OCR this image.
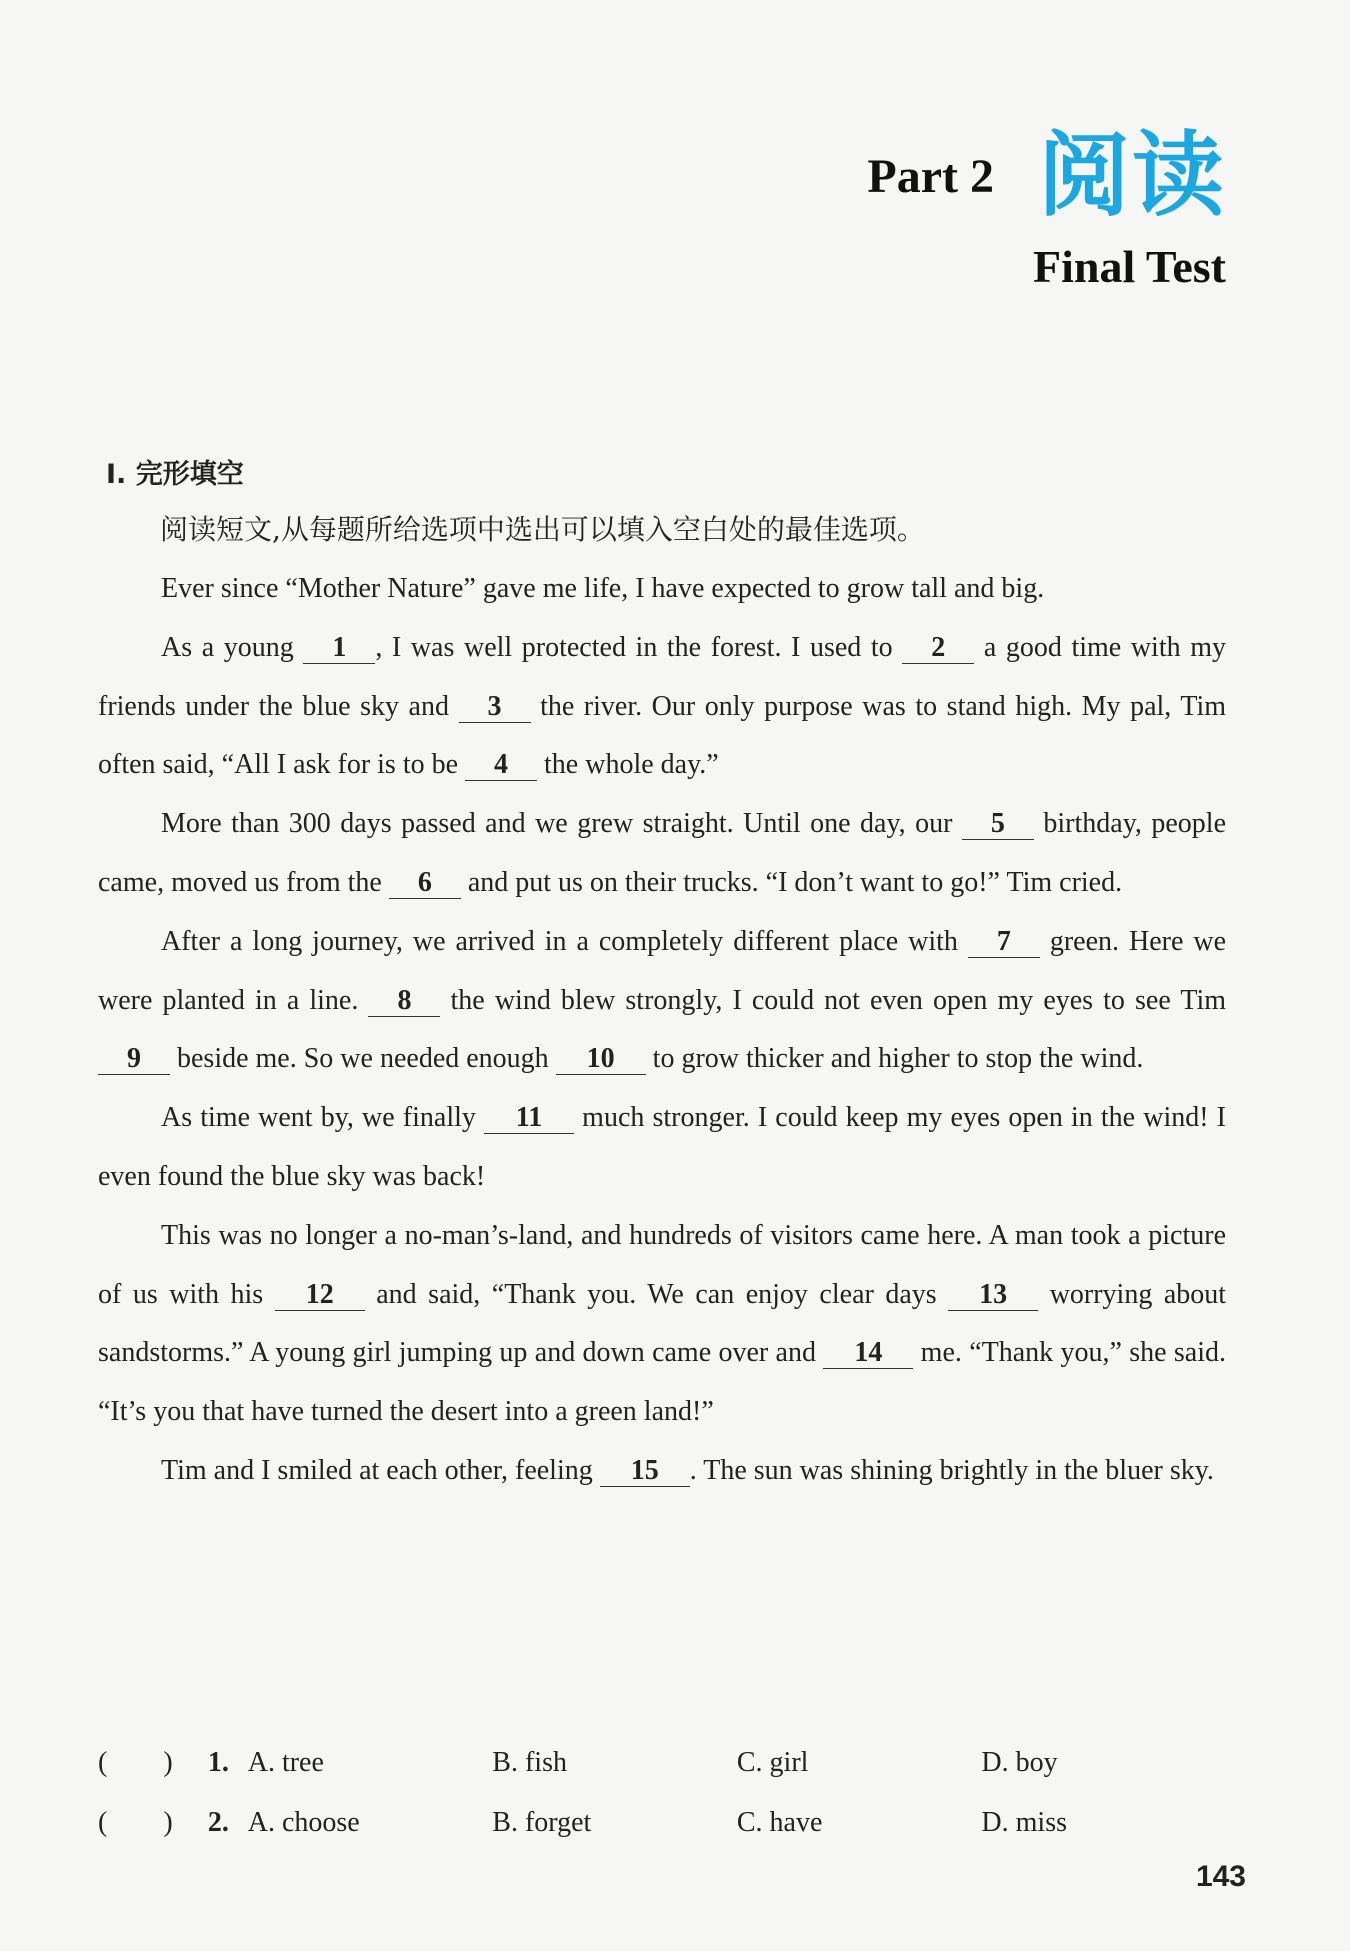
Part 2 阅读
Final Test
Ⅰ. 完形填空
阅读短文,从每题所给选项中选出可以填入空白处的最佳选项。

Ever since “Mother Nature” gave me life, I have expected to grow tall and big.

As a young 1 , I was well protected in the forest. I used to 2 a good time with my friends under the blue sky and 3 the river. Our only purpose was to stand high. My pal, Tim often said, “All I ask for is to be 4 the whole day.”

More than 300 days passed and we grew straight. Until one day, our 5 birthday, people came, moved us from the 6 and put us on their trucks. “I don’t want to go!” Tim cried.

After a long journey, we arrived in a completely different place with 7 green. Here we were planted in a line. 8 the wind blew strongly, I could not even open my eyes to see Tim 9 beside me. So we needed enough 10 to grow thicker and higher to stop the wind.

As time went by, we finally 11 much stronger. I could keep my eyes open in the wind! I even found the blue sky was back!

This was no longer a no-man’s-land, and hundreds of visitors came here. A man took a picture of us with his 12 and said, “Thank you. We can enjoy clear days 13 worrying about sandstorms.” A young girl jumping up and down came over and 14 me. “Thank you,” she said. “It’s you that have turned the desert into a green land!”

Tim and I smiled at each other, feeling 15 . The sun was shining brightly in the bluer sky.

(　　)	1. A. tree	B. fish	C. girl	D. boy
(　　)	2. A. choose	B. forget	C. have	D. miss
143
